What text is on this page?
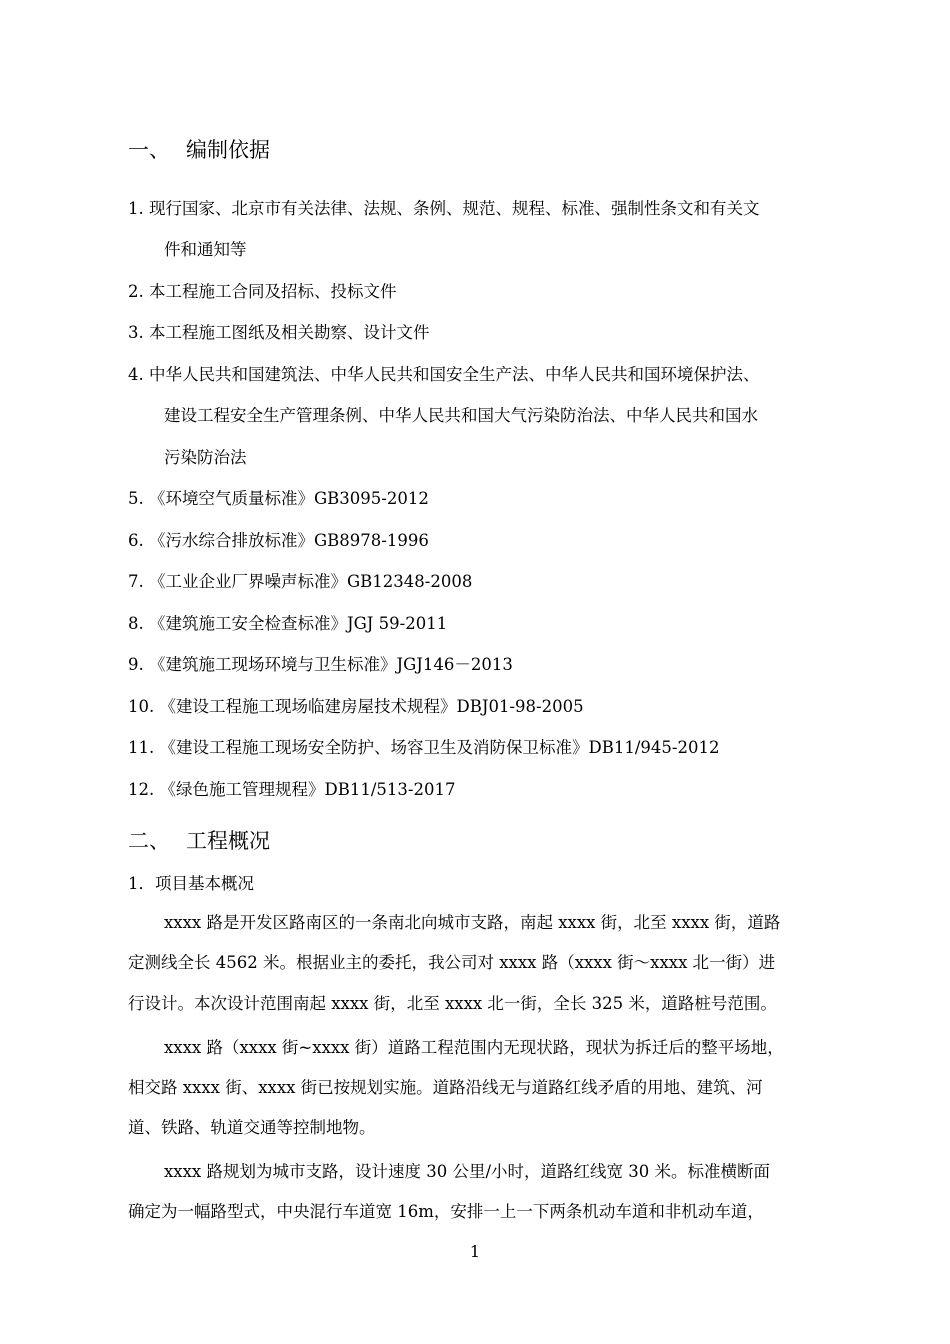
一、 编制依据
1. 现行国家、北京市有关法律、法规、条例、规范、规程、标准、强制性条文和有关文
件和通知等
2. 本工程施工合同及招标、投标文件
3. 本工程施工图纸及相关勘察、设计文件
4. 中华人民共和国建筑法、中华人民共和国安全生产法、中华人民共和国环境保护法、
建设工程安全生产管理条例、中华人民共和国大气污染防治法、中华人民共和国水
污染防治法
5. 《环境空气质量标准》GB3095-2012
6. 《污水综合排放标准》GB8978-1996
7. 《工业企业厂界噪声标准》GB12348-2008
8. 《建筑施工安全检查标准》JGJ 59-2011
9. 《建筑施工现场环境与卫生标准》JGJ146－2013
10. 《建设工程施工现场临建房屋技术规程》DBJ01-98-2005
11. 《建设工程施工现场安全防护、场容卫生及消防保卫标准》DB11/945-2012
12. 《绿色施工管理规程》DB11/513-2017
二、 工程概况
1．项目基本概况
xxxx 路是开发区路南区的一条南北向城市支路，南起 xxxx 街，北至 xxxx 街，道路
定测线全长 4562 米。根据业主的委托，我公司对 xxxx 路（xxxx 街～xxxx 北一街）进
行设计。本次设计范围南起 xxxx 街，北至 xxxx 北一街，全长 325 米，道路桩号范围。
xxxx 路（xxxx 街~xxxx 街）道路工程范围内无现状路，现状为拆迁后的整平场地，
相交路 xxxx 街、xxxx 街已按规划实施。道路沿线无与道路红线矛盾的用地、建筑、河
道、铁路、轨道交通等控制地物。
xxxx 路规划为城市支路，设计速度 30 公里/小时，道路红线宽 30 米。标准横断面
确定为一幅路型式，中央混行车道宽 16m，安排一上一下两条机动车道和非机动车道，
1
